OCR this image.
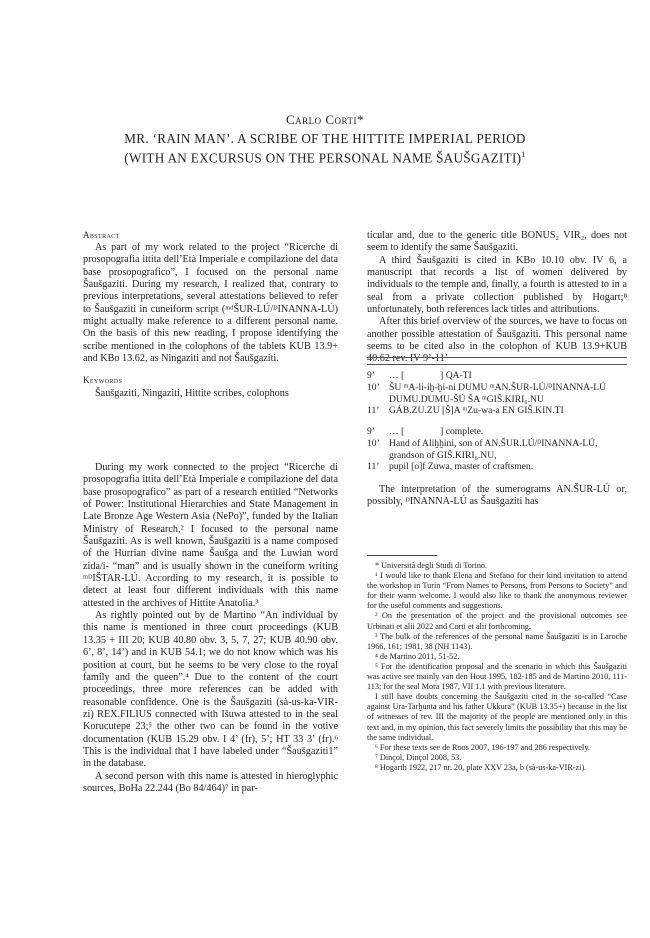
Carlo Corti*
MR. ‘RAIN MAN’. A SCRIBE OF THE HITTITE IMPERIAL PERIOD
(WITH AN EXCURSUS ON THE PERSONAL NAME ŠAUŠGAZITI)$^1$
Abstract

As part of my work related to the project “Ricerche di prosopografia ittita dell’Età Imperiale e compilazione del data base prosopografico”, I focused on the personal name Šaušgaziti. During my research, I realized that, contrary to previous interpretations, several attestations believed to refer to Šaušgaziti in cuneiform script (ᵐᵈŠUR-LÚ/ᴰINANNA-LÚ) might actually make reference to a different personal name. On the basis of this new reading, I propose identifying the scribe mentioned in the colophons of the tablets KUB 13.9+ and KBo 13.62, as Ningaziti and not Šaušgaziti.

Keywords
Šaušgaziti, Ningaziti, Hittite scribes, colophons

During my work connected to the project “Ricerche di prosopografia ittita dell’Età Imperiale e compilazione del data base prosopografico” as part of a research entitled “Networks of Power: Institutional Hierarchies and State Management in Late Bronze Age Western Asia (NePo)”, funded by the Italian Ministry of Research,² I focused to the personal name Šaušgaziti. As is well known, Šaušgaziti is a name composed of the Hurrian divine name Šaušga and the Luwian word zida/i- “man” and is usually shown in the cuneiform writing ᵐᴰIŠTAR-LÚ. According to my research, it is possible to detect at least four different individuals with this name attested in the archives of Hittite Anatolia.³

As rightly pointed out by de Martino “An individual by this name is mentioned in three court proceedings (KUB 13.35 + III 20; KUB 40.80 obv. 3, 5, 7, 27; KUB 40.90 obv. 6’, 8’, 14’) and in KUB 54.1; we do not know which was his position at court, but he seems to be very close to the royal family and the queen”.⁴ Due to the content of the court proceedings, three more references can be added with reasonable confidence. One is the Šaušgaziti (sà-us-ka-VIR-zi) REX.FILIUS connected with Išuwa attested to in the seal Korucutepe 23;⁵ the other two can be found in the votive documentation (KUB 15.29 obv. I 4’ (fr), 5’; HT 33 3’ (fr).⁶ This is the individual that I have labeled under “Šaušgaziti1” in the database.

A second person with this name is attested in hieroglyphic sources, BoHa 22.244 (Bo 84/464)⁷ in par-

ticular and, due to the generic title BONUS₂ VIR₂, does not seem to identify the same Šaušgaziti.

A third Šaušgaziti is cited in KBo 10.10 obv. IV 6, a manuscript that records a list of women delivered by individuals to the temple and, finally, a fourth is attested to in a seal from a private collection published by Hogart;⁸ unfortunately, both references lack titles and attributions.

After this brief overview of the sources, we have to focus on another possible attestation of Šaušgaziti. This personal name seems to be cited also in the colophon of KUB 13.9+KUB 40.62 rev. IV 9’-11’

9’	… [               ] QA-TI
10’ ŠU ᵐA-li-iḫ-ḫi-ni DUMU ᵐAN.ŠUR-LÚ/ᴰINANNA-LÚ DUMU.DUMU-ŠÚ ŠA ᵐGIŠ.KIRI₆.NU
11’ GÁB.ZU.ZU [Š]A ᵐZu-wa-a EN GIŠ.KIN.TI
9’	… [               ] complete.
10’ Hand of Aliḫḫini, son of AN.ŠUR.LÚ/ᴰINANNA-LÚ, grandson of GIŠ.KIRI₆.NU,
11’ pupil [o]f Zuwa, master of craftsmen.

The interpretation of the sumerograms AN.ŠUR-LÚ or, possibly, ᴰINANNA-LÚ as Šaušgaziti has

* Università degli Studi di Torino.

¹ I would like to thank Elena and Stefano for their kind invitation to attend the workshop in Turin “From Names to Persons, from Persons to Society” and for their warm welcome. I would also like to thank the anonymous reviewer for the useful comments and suggestions.

² On the presentation of the project and the provisional outcomes see Urbinati et alii 2022 and Corti et alii forthcoming.

³ The bulk of the references of the personal name Šaušgaziti is in Laroche 1966, 161; 1981, 38 (NH 1143).

⁴ de Martino 2011, 51-52.

⁵ For the identification proposal and the scenario in which this Šaušgaziti was active see mainly van den Hout 1995, 182-185 and de Martino 2010, 111-113; for the seal Mora 1987, VII 1.1 with previous literature.

I still have doubts concerning the Šaušgaziti cited in the so-called “Case against Ura-Tarḫunta and his father Ukkura” (KUB 13.35+) because in the list of witnesses of rev. III the majority of the people are mentioned only in this text and, in my opinion, this fact severely limits the possibility that this may be the same individual.

⁶ For these texts see de Roos 2007, 196-197 and 286 respectively.

⁷ Dinçol, Dinçol 2008, 53.

⁸ Hogarth 1922, 217 nr. 20, plate XXV 23a, b (sà-us-ka-VIR-zi).
